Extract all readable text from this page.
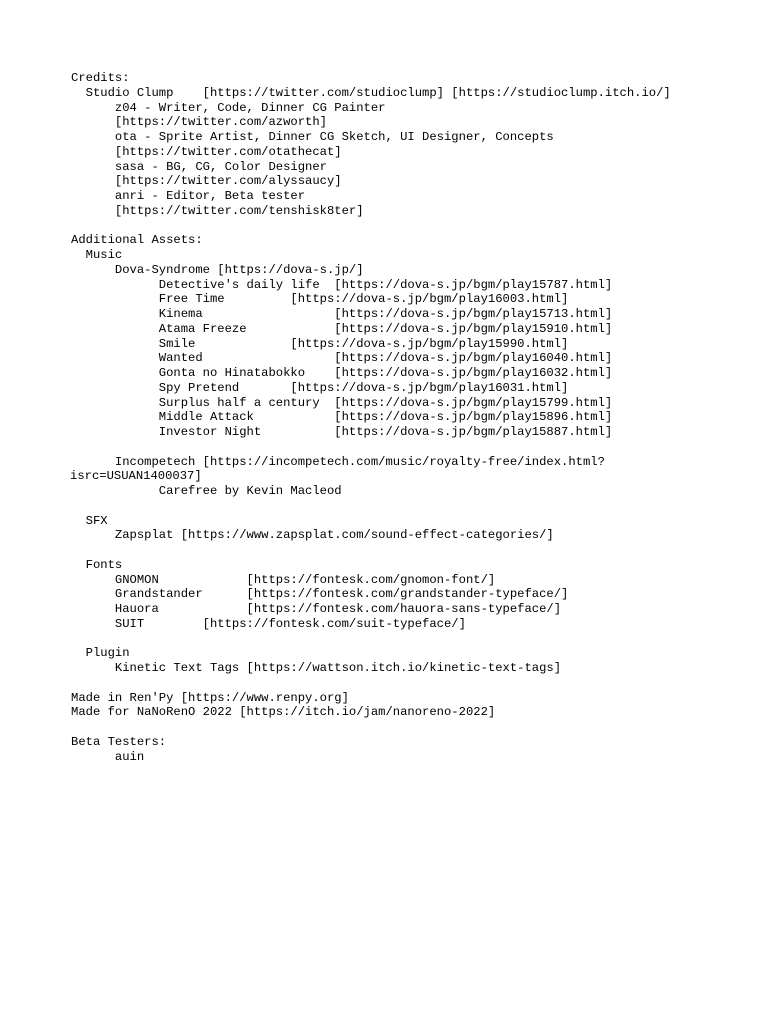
Credits:
Studio Clump    [https://twitter.com/studioclump] [https://studioclump.itch.io/]
z04 - Writer, Code, Dinner CG Painter
[https://twitter.com/azworth]
ota - Sprite Artist, Dinner CG Sketch, UI Designer, Concepts
[https://twitter.com/otathecat]
sasa - BG, CG, Color Designer
[https://twitter.com/alyssaucy]
anri - Editor, Beta tester
[https://twitter.com/tenshisk8ter]
Additional Assets:
Music
Dova-Syndrome [https://dova-s.jp/]
Detective's daily life  [https://dova-s.jp/bgm/play15787.html]
Free Time         [https://dova-s.jp/bgm/play16003.html]
Kinema                  [https://dova-s.jp/bgm/play15713.html]
Atama Freeze            [https://dova-s.jp/bgm/play15910.html]
Smile             [https://dova-s.jp/bgm/play15990.html]
Wanted                  [https://dova-s.jp/bgm/play16040.html]
Gonta no Hinatabokko    [https://dova-s.jp/bgm/play16032.html]
Spy Pretend       [https://dova-s.jp/bgm/play16031.html]
Surplus half a century  [https://dova-s.jp/bgm/play15799.html]
Middle Attack           [https://dova-s.jp/bgm/play15896.html]
Investor Night          [https://dova-s.jp/bgm/play15887.html]
Incompetech [https://incompetech.com/music/royalty-free/index.html?
isrc=USUAN1400037]
Carefree by Kevin Macleod
SFX
Zapsplat [https://www.zapsplat.com/sound-effect-categories/]
Fonts
GNOMON            [https://fontesk.com/gnomon-font/]
Grandstander      [https://fontesk.com/grandstander-typeface/]
Hauora            [https://fontesk.com/hauora-sans-typeface/]
SUIT        [https://fontesk.com/suit-typeface/]
Plugin
Kinetic Text Tags [https://wattson.itch.io/kinetic-text-tags]
Made in Ren'Py [https://www.renpy.org]
Made for NaNoRenO 2022 [https://itch.io/jam/nanoreno-2022]
Beta Testers:
auin
